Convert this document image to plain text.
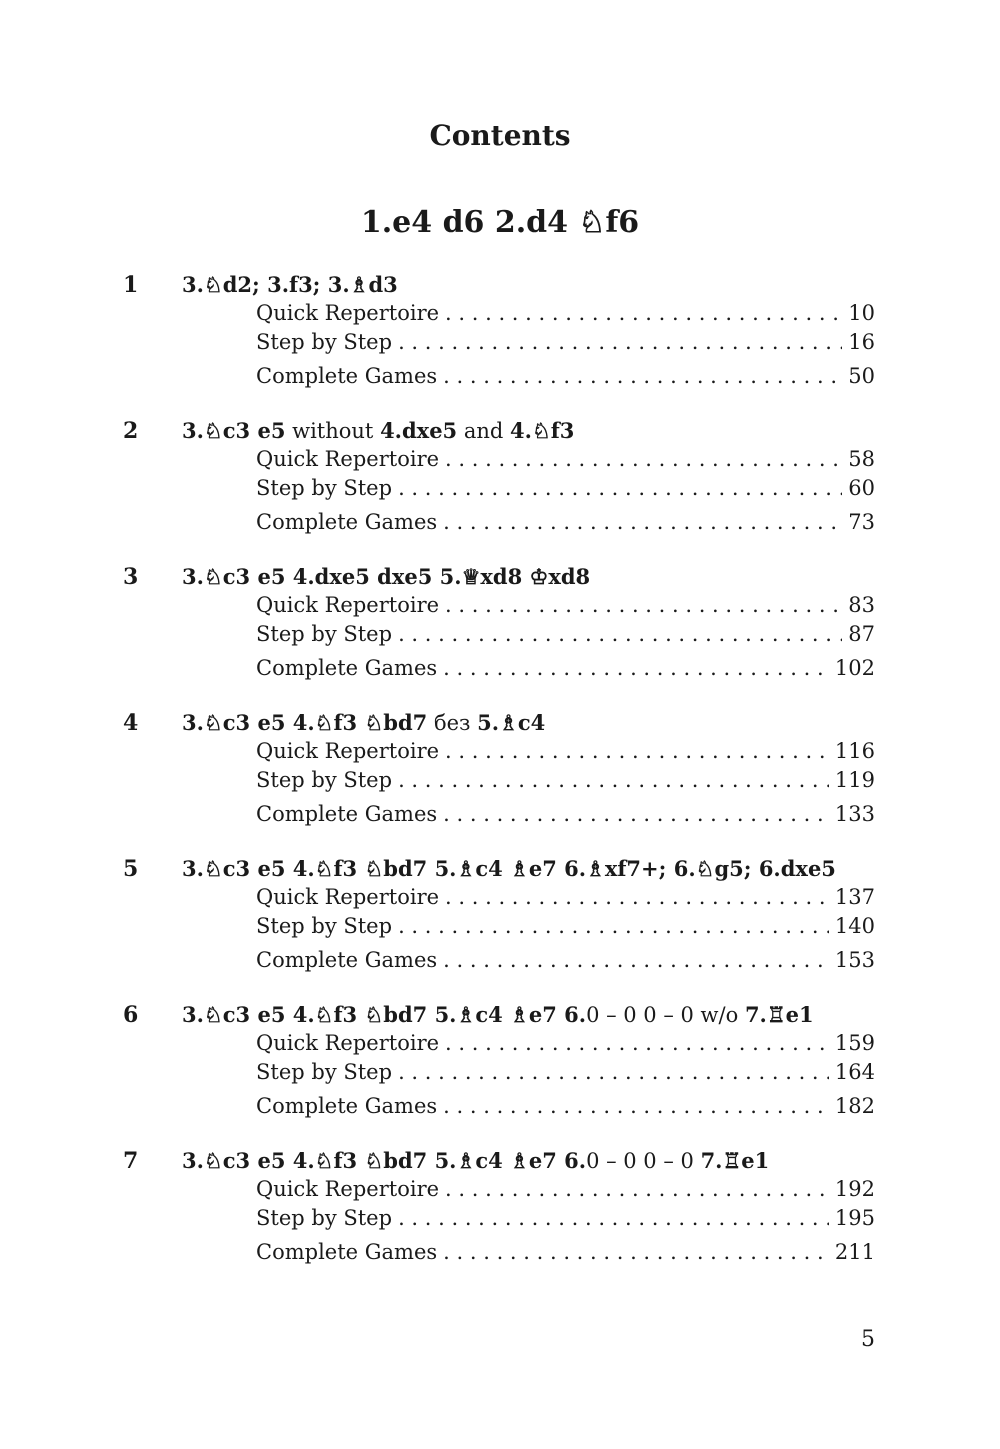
Contents
1.e4 d6 2.d4 ♘f6
1 3.♘d2; 3.f3; 3.♗d3
Quick Repertoire . . .	10
Step by Step . . .	16
Complete Games . . .	50
2 3.♘c3 e5 without 4.dxe5 and 4.♘f3
Quick Repertoire . . .	58
Step by Step . . .	60
Complete Games . . .	73
3 3.♘c3 e5 4.dxe5 dxe5 5.♕xd8 ♔xd8
Quick Repertoire . . .	83
Step by Step . . .	87
Complete Games . . .	102
4 3.♘c3 e5 4.♘f3 ♘bd7 без 5.♗c4
Quick Repertoire . . .	116
Step by Step . . .	119
Complete Games . . .	133
5 3.♘c3 e5 4.♘f3 ♘bd7 5.♗c4 ♗e7 6.♗xf7+; 6.♘g5; 6.dxe5
Quick Repertoire . . .	137
Step by Step . . .	140
Complete Games . . .	153
6 3.♘c3 e5 4.♘f3 ♘bd7 5.♗c4 ♗e7 6.0 – 0 0 – 0 w/o 7.♖e1
Quick Repertoire . . .	159
Step by Step . . .	164
Complete Games . . .	182
7 3.♘c3 e5 4.♘f3 ♘bd7 5.♗c4 ♗e7 6.0 – 0 0 – 0 7.♖e1
Quick Repertoire . . .	192
Step by Step . . .	195
Complete Games . . .	211
5
